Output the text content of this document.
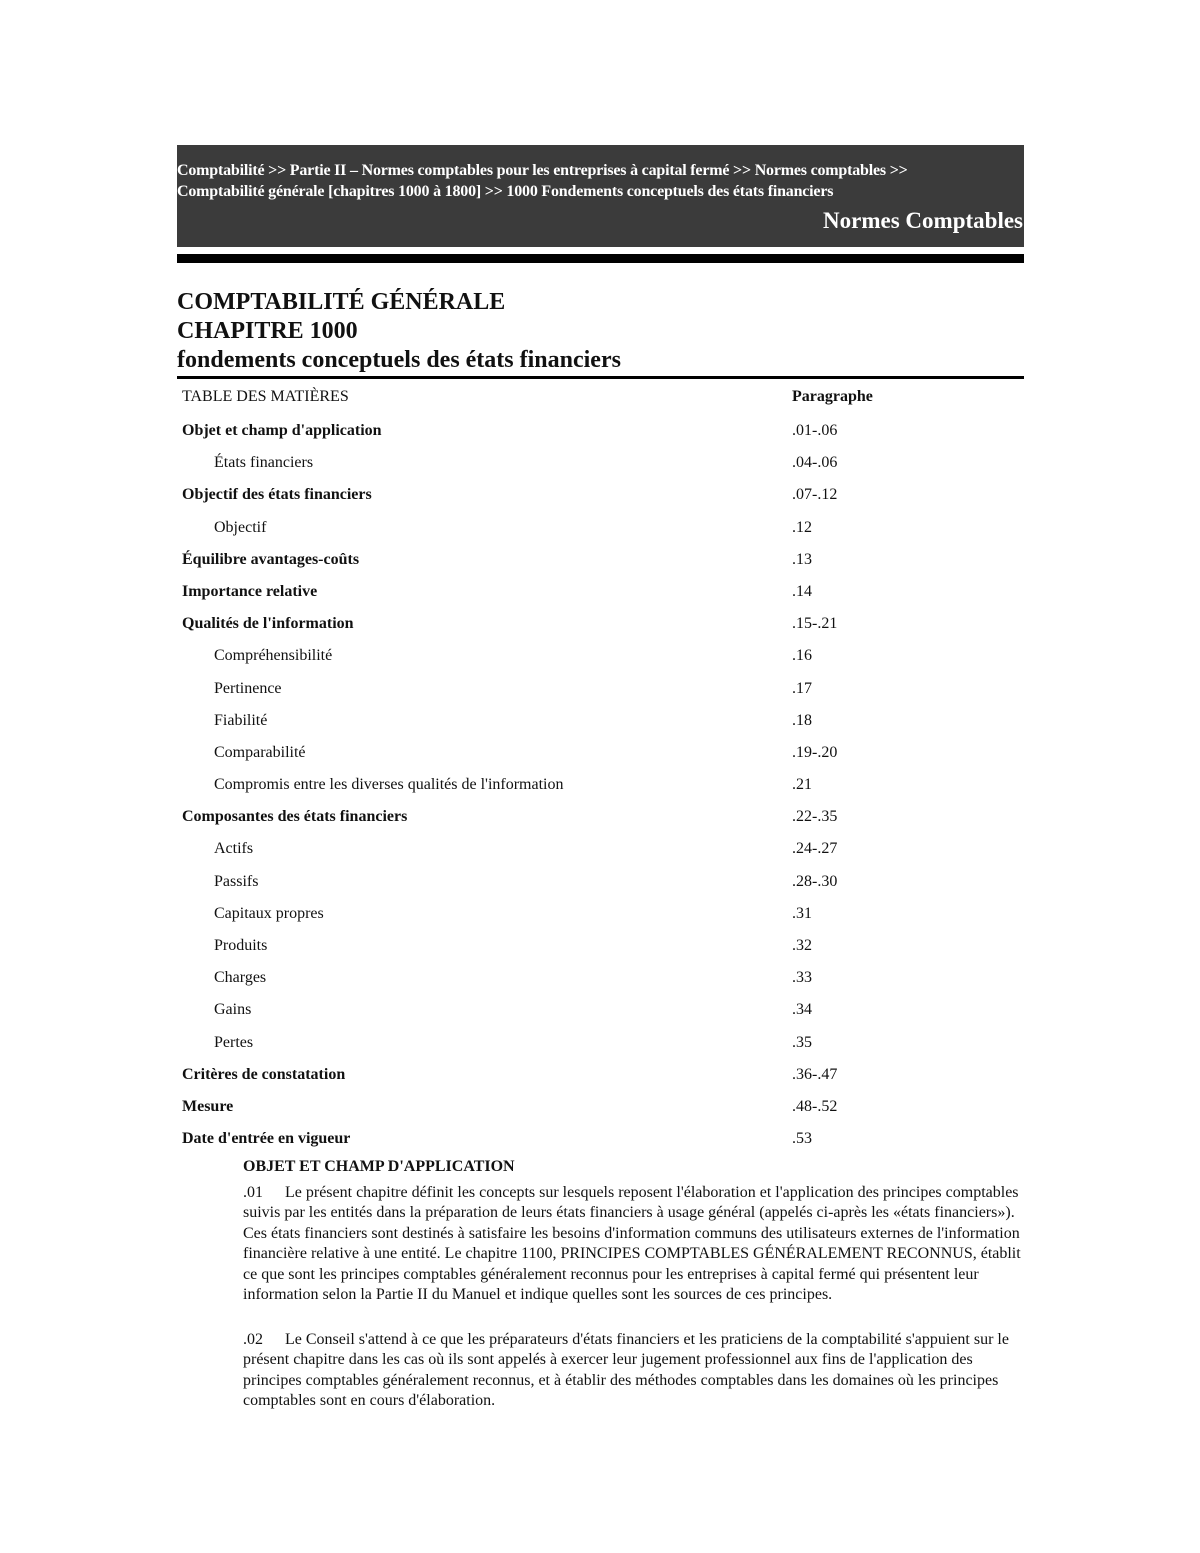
Comptabilité >> Partie II – Normes comptables pour les entreprises à capital fermé >> Normes comptables >>
Comptabilité générale [chapitres 1000 à 1800] >> 1000 Fondements conceptuels des états financiers
Normes Comptables
COMPTABILITÉ GÉNÉRALE
CHAPITRE 1000
fondements conceptuels des états financiers
TABLE DES MATIÈRES	Paragraphe
Objet et champ d'application	.01-.06
États financiers	.04-.06
Objectif des états financiers	.07-.12
Objectif	.12
Équilibre avantages-coûts	.13
Importance relative	.14
Qualités de l'information	.15-.21
Compréhensibilité	.16
Pertinence	.17
Fiabilité	.18
Comparabilité	.19-.20
Compromis entre les diverses qualités de l'information	.21
Composantes des états financiers	.22-.35
Actifs	.24-.27
Passifs	.28-.30
Capitaux propres	.31
Produits	.32
Charges	.33
Gains	.34
Pertes	.35
Critères de constatation	.36-.47
Mesure	.48-.52
Date d'entrée en vigueur	.53
OBJET ET CHAMP D'APPLICATION

.01 Le présent chapitre définit les concepts sur lesquels reposent l'élaboration et l'application des principes comptables suivis par les entités dans la préparation de leurs états financiers à usage général (appelés ci-après les «états financiers»). Ces états financiers sont destinés à satisfaire les besoins d'information communs des utilisateurs externes de l'information financière relative à une entité. Le chapitre 1100, PRINCIPES COMPTABLES GÉNÉRALEMENT RECONNUS, établit ce que sont les principes comptables généralement reconnus pour les entreprises à capital fermé qui présentent leur information selon la Partie II du Manuel et indique quelles sont les sources de ces principes.

.02 Le Conseil s'attend à ce que les préparateurs d'états financiers et les praticiens de la comptabilité s'appuient sur le présent chapitre dans les cas où ils sont appelés à exercer leur jugement professionnel aux fins de l'application des principes comptables généralement reconnus, et à établir des méthodes comptables dans les domaines où les principes comptables sont en cours d'élaboration.
